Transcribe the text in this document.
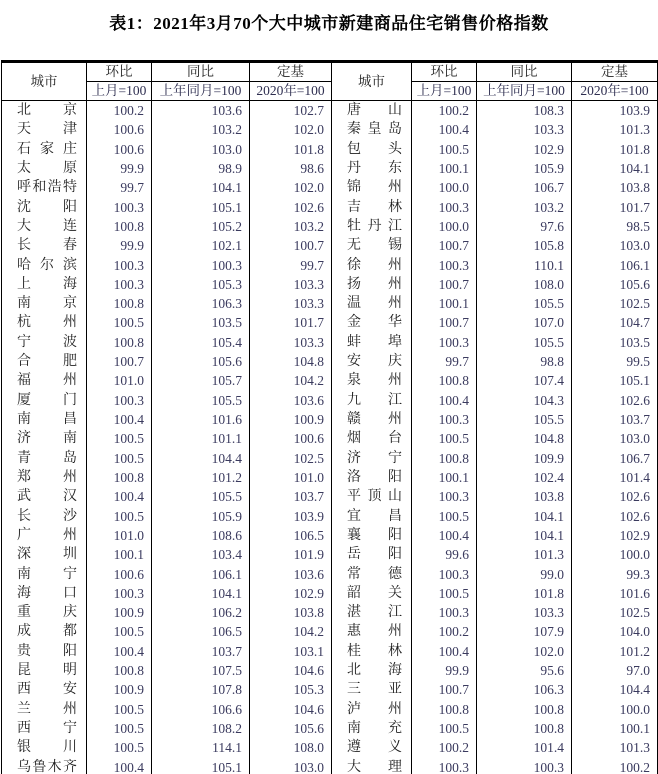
表1：2021年3月70个大中城市新建商品住宅销售价格指数
城市	环比	同比	定基	城市	环比	同比	定基
	上月=100	上年同月=100	2020年=100		上月=100	上年同月=100	2020年=100
北京	100.2	103.6	102.7	唐山	100.2	108.3	103.9
天津	100.6	103.2	102.0	秦皇岛	100.4	103.3	101.3
石家庄	100.6	103.0	101.8	包头	100.5	102.9	101.8
太原	99.9	98.9	98.6	丹东	100.1	105.9	104.1
呼和浩特	99.7	104.1	102.0	锦州	100.0	106.7	103.8
沈阳	100.3	105.1	102.6	吉林	100.3	103.2	101.7
大连	100.8	105.2	103.2	牡丹江	100.0	97.6	98.5
长春	99.9	102.1	100.7	无锡	100.7	105.8	103.0
哈尔滨	100.3	100.3	99.7	徐州	100.3	110.1	106.1
上海	100.3	105.3	103.3	扬州	100.7	108.0	105.6
南京	100.8	106.3	103.3	温州	100.1	105.5	102.5
杭州	100.5	103.5	101.7	金华	100.7	107.0	104.7
宁波	100.8	105.4	103.3	蚌埠	100.3	105.5	103.5
合肥	100.7	105.6	104.8	安庆	99.7	98.8	99.5
福州	101.0	105.7	104.2	泉州	100.8	107.4	105.1
厦门	100.3	105.5	103.6	九江	100.4	104.3	102.6
南昌	100.4	101.6	100.9	赣州	100.3	105.5	103.7
济南	100.5	101.1	100.6	烟台	100.5	104.8	103.0
青岛	100.5	104.4	102.5	济宁	100.8	109.9	106.7
郑州	100.8	101.2	101.0	洛阳	100.1	102.4	101.4
武汉	100.4	105.5	103.7	平顶山	100.3	103.8	102.6
长沙	100.5	105.9	103.9	宜昌	100.5	104.1	102.6
广州	101.0	108.6	106.5	襄阳	100.4	104.1	102.9
深圳	100.1	103.4	101.9	岳阳	99.6	101.3	100.0
南宁	100.6	106.1	103.6	常德	100.3	99.0	99.3
海口	100.3	104.1	102.9	韶关	100.5	101.8	101.6
重庆	100.9	106.2	103.8	湛江	100.3	103.3	102.5
成都	100.5	106.5	104.2	惠州	100.2	107.9	104.0
贵阳	100.4	103.7	103.1	桂林	100.4	102.0	101.2
昆明	100.8	107.5	104.6	北海	99.9	95.6	97.0
西安	100.9	107.8	105.3	三亚	100.7	106.3	104.4
兰州	100.5	106.6	104.6	泸州	100.8	100.8	100.0
西宁	100.5	108.2	105.6	南充	100.5	100.8	100.1
银川	100.5	114.1	108.0	遵义	100.2	101.4	101.3
乌鲁木齐	100.4	105.1	103.0	大理	100.3	100.3	100.2
